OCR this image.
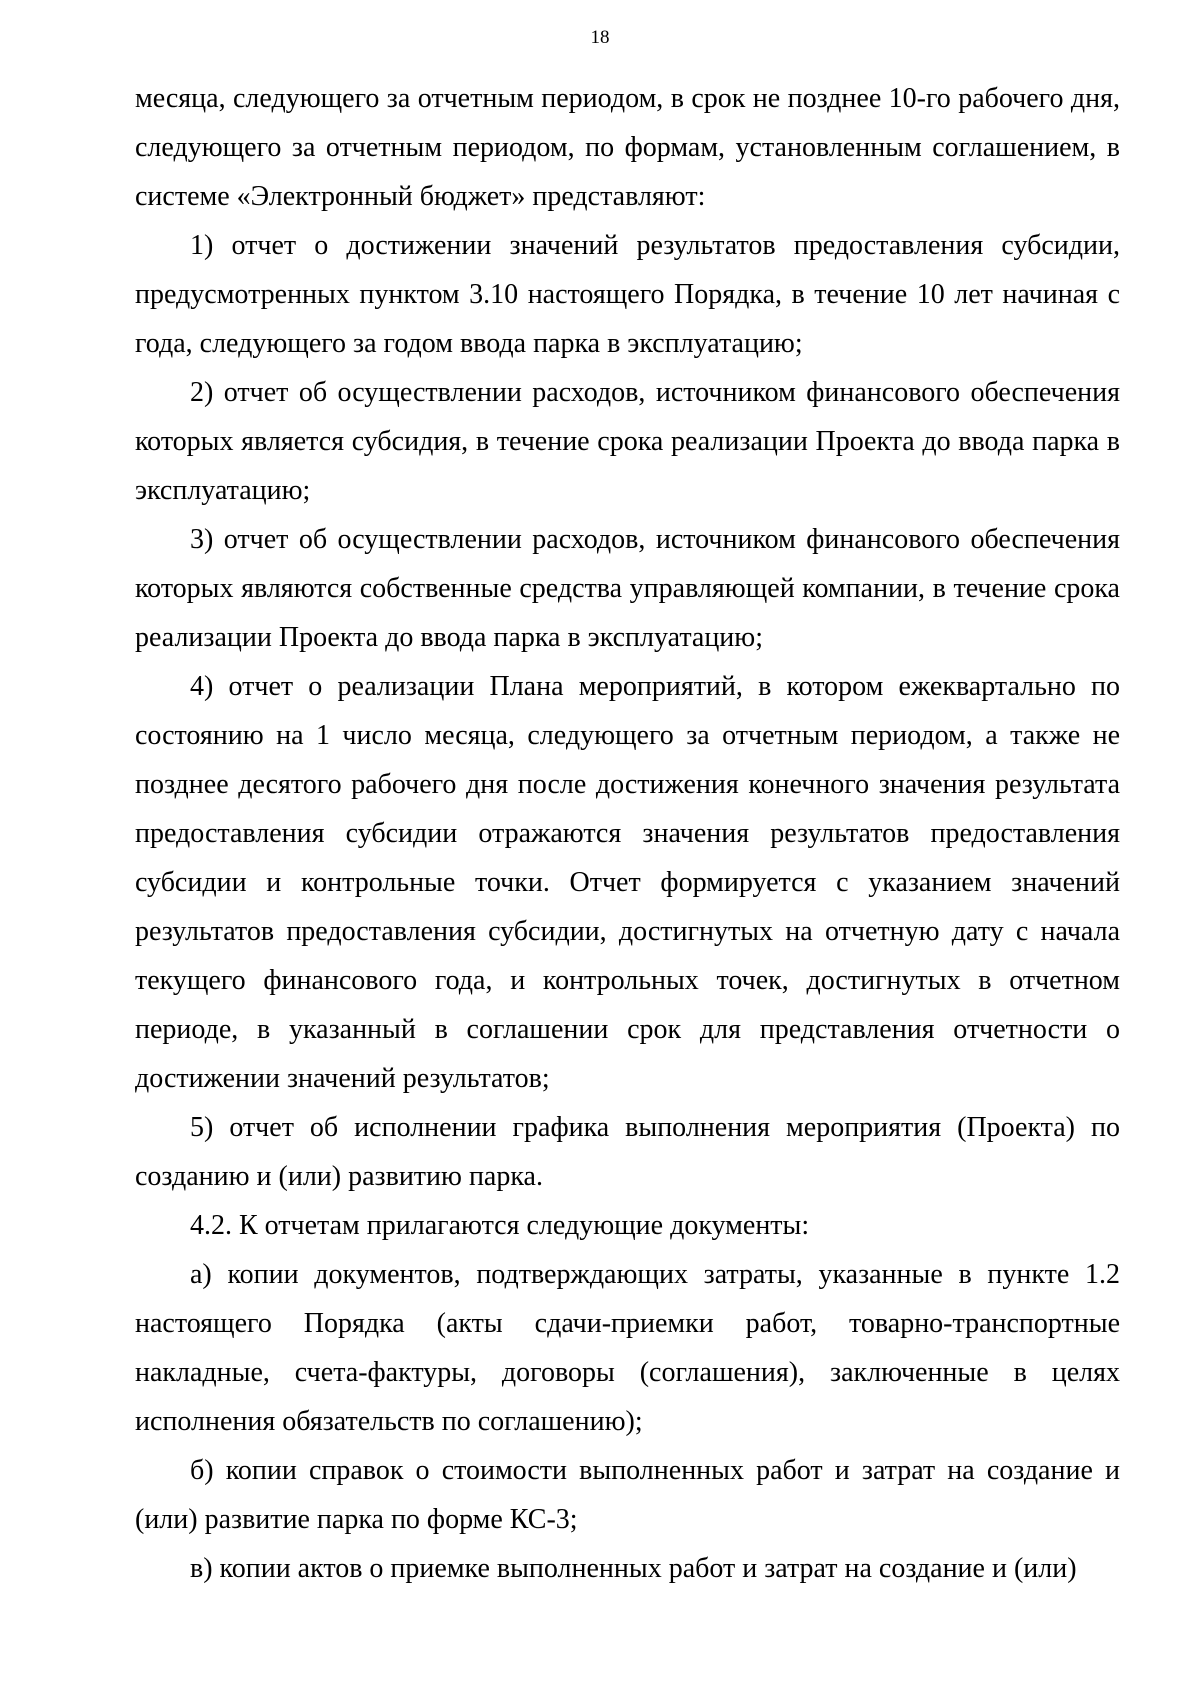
18

месяца, следующего за отчетным периодом, в срок не позднее 10-го рабочего дня, следующего за отчетным периодом, по формам, установленным соглашением, в системе «Электронный бюджет» представляют:

1) отчет о достижении значений результатов предоставления субсидии, предусмотренных пунктом 3.10 настоящего Порядка, в течение 10 лет начиная с года, следующего за годом ввода парка в эксплуатацию;

2) отчет об осуществлении расходов, источником финансового обеспечения которых является субсидия, в течение срока реализации Проекта до ввода парка в эксплуатацию;

3) отчет об осуществлении расходов, источником финансового обеспечения которых являются собственные средства управляющей компании, в течение срока реализации Проекта до ввода парка в эксплуатацию;

4) отчет о реализации Плана мероприятий, в котором ежеквартально по состоянию на 1 число месяца, следующего за отчетным периодом, а также не позднее десятого рабочего дня после достижения конечного значения результата предоставления субсидии отражаются значения результатов предоставления субсидии и контрольные точки. Отчет формируется с указанием значений результатов предоставления субсидии, достигнутых на отчетную дату с начала текущего финансового года, и контрольных точек, достигнутых в отчетном периоде, в указанный в соглашении срок для представления отчетности о достижении значений результатов;

5) отчет об исполнении графика выполнения мероприятия (Проекта) по созданию и (или) развитию парка.

4.2. К отчетам прилагаются следующие документы:

а) копии документов, подтверждающих затраты, указанные в пункте 1.2 настоящего Порядка (акты сдачи-приемки работ, товарно-транспортные накладные, счета-фактуры, договоры (соглашения), заключенные в целях исполнения обязательств по соглашению);

б) копии справок о стоимости выполненных работ и затрат на создание и (или) развитие парка по форме КС-3;

в) копии актов о приемке выполненных работ и затрат на создание и (или)
